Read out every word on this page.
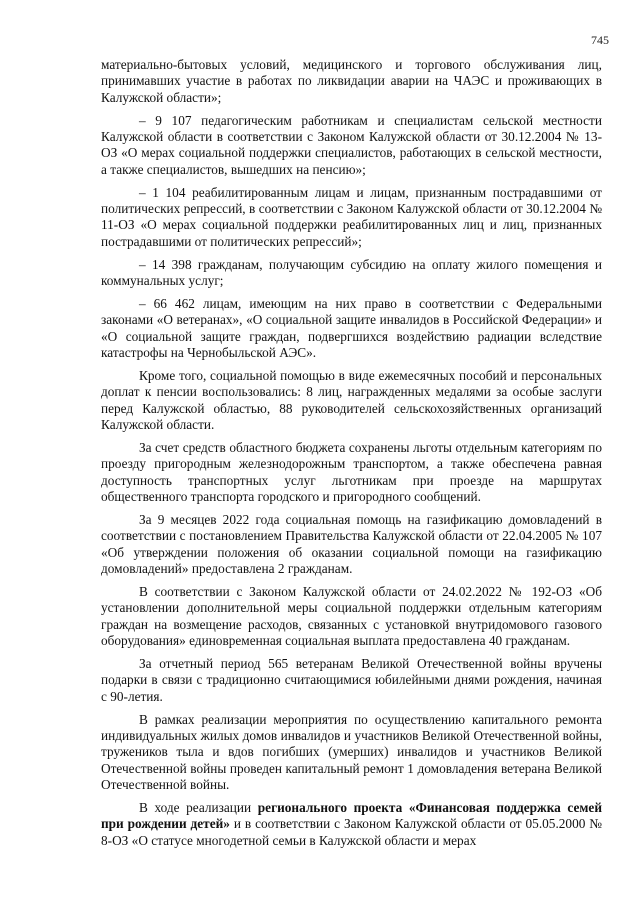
745

материально-бытовых условий, медицинского и торгового обслуживания лиц, принимавших участие в работах по ликвидации аварии на ЧАЭС и проживающих в Калужской области»;

– 9 107 педагогическим работникам и специалистам сельской местности Калужской области в соответствии с Законом Калужской области от 30.12.2004 № 13-ОЗ «О мерах социальной поддержки специалистов, работающих в сельской местности, а также специалистов, вышедших на пенсию»;

– 1 104 реабилитированным лицам и лицам, признанным пострадавшими от политических репрессий, в соответствии с Законом Калужской области от 30.12.2004 № 11-ОЗ «О мерах социальной поддержки реабилитированных лиц и лиц, признанных пострадавшими от политических репрессий»;

– 14 398 гражданам, получающим субсидию на оплату жилого помещения и коммунальных услуг;

– 66 462 лицам, имеющим на них право в соответствии с Федеральными законами «О ветеранах», «О социальной защите инвалидов в Российской Федерации» и «О социальной защите граждан, подвергшихся воздействию радиации вследствие катастрофы на Чернобыльской АЭС».

Кроме того, социальной помощью в виде ежемесячных пособий и персональных доплат к пенсии воспользовались: 8 лиц, награжденных медалями за особые заслуги перед Калужской областью, 88 руководителей сельскохозяйственных организаций Калужской области.

За счет средств областного бюджета сохранены льготы отдельным категориям по проезду пригородным железнодорожным транспортом, а также обеспечена равная доступность транспортных услуг льготникам при проезде на маршрутах общественного транспорта городского и пригородного сообщений.

За 9 месяцев 2022 года социальная помощь на газификацию домовладений в соответствии с постановлением Правительства Калужской области от 22.04.2005 № 107 «Об утверждении положения об оказании социальной помощи на газификацию домовладений» предоставлена 2 гражданам.

В соответствии с Законом Калужской области от 24.02.2022 № 192-ОЗ «Об установлении дополнительной меры социальной поддержки отдельным категориям граждан на возмещение расходов, связанных с установкой внутридомового газового оборудования» единовременная социальная выплата предоставлена 40 гражданам.

За отчетный период 565 ветеранам Великой Отечественной войны вручены подарки в связи с традиционно считающимися юбилейными днями рождения, начиная с 90-летия.

В рамках реализации мероприятия по осуществлению капитального ремонта индивидуальных жилых домов инвалидов и участников Великой Отечественной войны, тружеников тыла и вдов погибших (умерших) инвалидов и участников Великой Отечественной войны проведен капитальный ремонт 1 домовладения ветерана Великой Отечественной войны.

В ходе реализации регионального проекта «Финансовая поддержка семей при рождении детей» и в соответствии с Законом Калужской области от 05.05.2000 № 8-ОЗ «О статусе многодетной семьи в Калужской области и мерах
